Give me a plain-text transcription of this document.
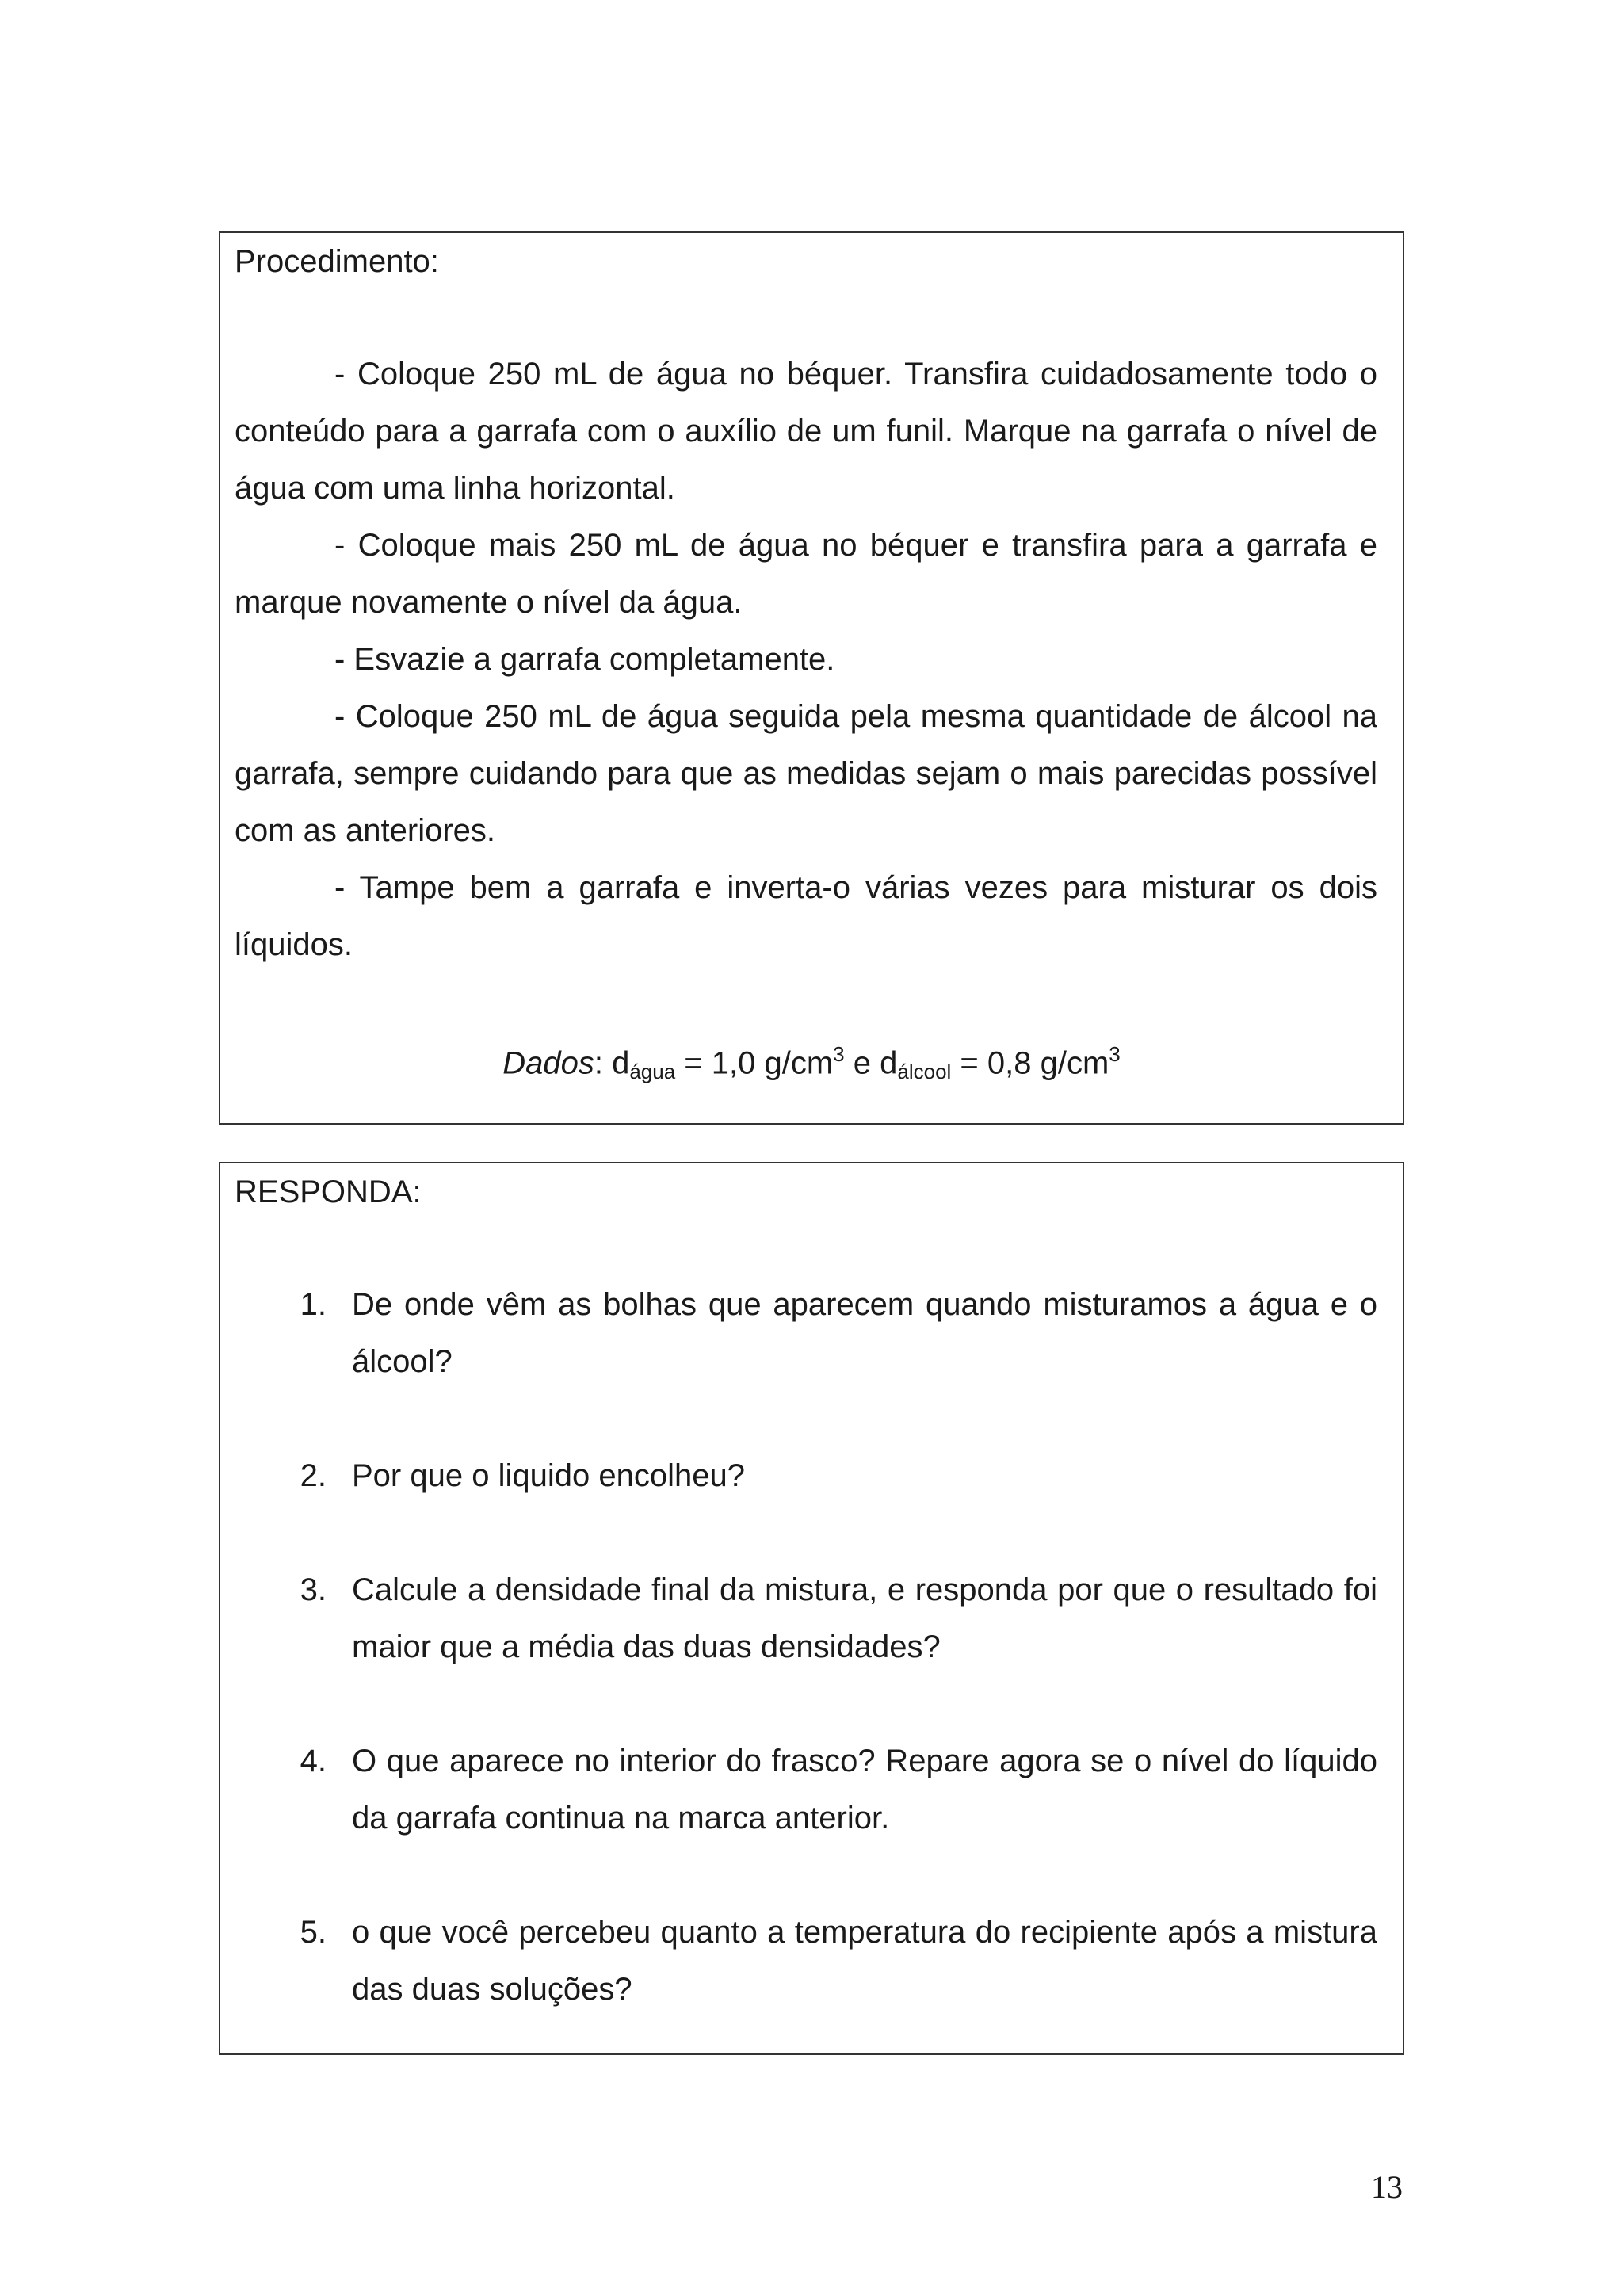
Procedimento:

- Coloque 250 mL de água no béquer. Transfira cuidadosamente todo o conteúdo para a garrafa com o auxílio de um funil. Marque na garrafa o nível de água com uma linha horizontal.

- Coloque mais 250 mL de água no béquer e transfira para a garrafa e marque novamente o nível da água.

- Esvazie a garrafa completamente.

- Coloque 250 mL de água seguida pela mesma quantidade de álcool na garrafa, sempre cuidando para que as medidas sejam o mais parecidas possível com as anteriores.

- Tampe bem a garrafa e inverta-o várias vezes para misturar os dois líquidos.

Dados: $d_{água} = 1,0$ $g/cm^3$ e $d_{álcool} = 0,8$ $g/cm^3$
RESPONDA:
1. De onde vêm as bolhas que aparecem quando misturamos a água e o álcool?

2. Por que o liquido encolheu?

3. Calcule a densidade final da mistura, e responda por que o resultado foi maior que a média das duas densidades?

4. O que aparece no interior do frasco? Repare agora se o nível do líquido da garrafa continua na marca anterior.

5. o que você percebeu quanto a temperatura do recipiente após a mistura das duas soluções?

13
